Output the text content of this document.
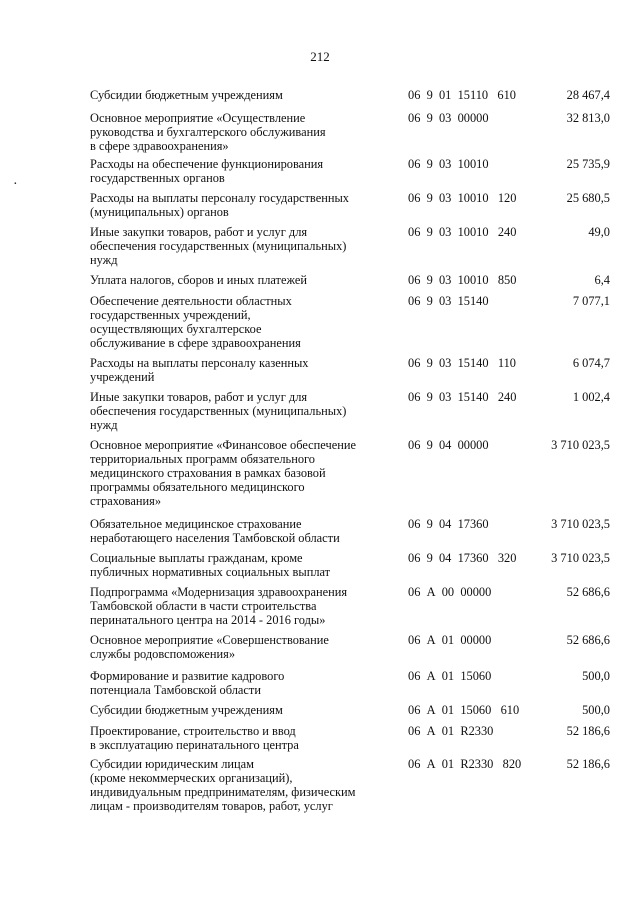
212
·
Субсидии бюджетным учреждениям	06  9  01  15110   610	28 467,4
Основное мероприятие «Осуществление
руководства и бухгалтерского обслуживания
в сфере здравоохранения»
06  9  03  00000	32 813,0
Расходы на обеспечение функционирования
государственных органов
06  9  03  10010	25 735,9
Расходы на выплаты персоналу государственных
(муниципальных) органов
06  9  03  10010   120	25 680,5
Иные закупки товаров, работ и услуг для
обеспечения государственных (муниципальных)
нужд
06  9  03  10010   240	49,0
Уплата налогов, сборов и иных платежей	06  9  03  10010   850	6,4
Обеспечение деятельности областных
государственных учреждений,
осуществляющих бухгалтерское
обслуживание в сфере здравоохранения
06  9  03  15140	7 077,1
Расходы на выплаты персоналу казенных
учреждений
06  9  03  15140   110	6 074,7
Иные закупки товаров, работ и услуг для
обеспечения государственных (муниципальных)
нужд
06  9  03  15140   240	1 002,4
Основное мероприятие «Финансовое обеспечение
территориальных программ обязательного
медицинского страхования в рамках базовой
программы обязательного медицинского
страхования»
06  9  04  00000	3 710 023,5
Обязательное медицинское страхование
неработающего населения Тамбовской области
06  9  04  17360	3 710 023,5
Социальные выплаты гражданам, кроме
публичных нормативных социальных выплат
06  9  04  17360   320	3 710 023,5
Подпрограмма «Модернизация здравоохранения
Тамбовской области в части строительства
перинатального центра на 2014 - 2016 годы»
06  А  00  00000	52 686,6
Основное мероприятие «Совершенствование
службы родовспоможения»
06  А  01  00000	52 686,6
Формирование и развитие кадрового
потенциала Тамбовской области
06  А  01  15060	500,0
Субсидии бюджетным учреждениям	06  А  01  15060   610	500,0
Проектирование, строительство и ввод
в эксплуатацию перинатального центра
06  А  01  R2330	52 186,6
Субсидии юридическим лицам
(кроме некоммерческих организаций),
индивидуальным предпринимателям, физическим
лицам - производителям товаров, работ, услуг
06  А  01  R2330   820	52 186,6
